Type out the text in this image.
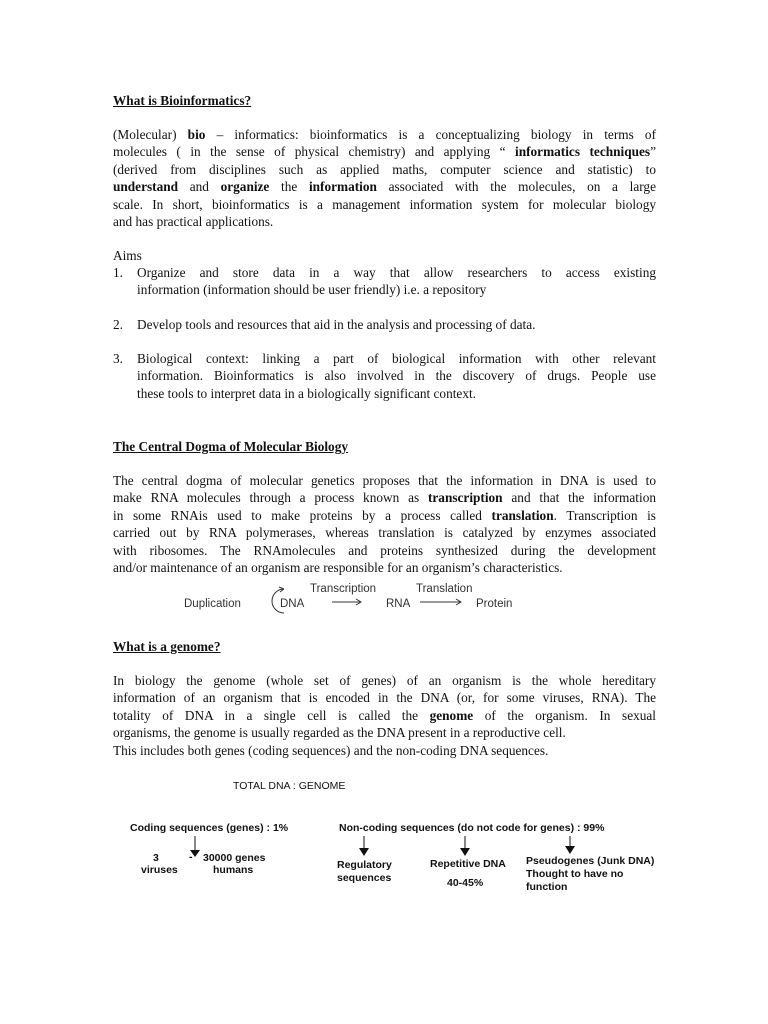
What is Bioinformatics?
(Molecular) bio – informatics: bioinformatics is a conceptualizing biology in terms of
molecules ( in the sense of physical chemistry) and applying “ informatics techniques”
(derived from disciplines such as applied maths, computer science and statistic) to
understand and organize the information associated with the molecules, on a large
scale. In short, bioinformatics is a management information system for molecular biology
and has practical applications.
Aims
1.	Organize and store data in a way that allow researchers to access existing
information (information should be user friendly) i.e. a repository
2.	Develop tools and resources that aid in the analysis and processing of data.
3.	Biological context: linking a part of biological information with other relevant
information. Bioinformatics is also involved in the discovery of drugs. People use
these tools to interpret data in a biologically significant context.
The Central Dogma of Molecular Biology
The central dogma of molecular genetics proposes that the information in DNA is used to
make RNA molecules through a process known as transcription and that the information
in some RNAis used to make proteins by a process called translation. Transcription is
carried out by RNA polymerases, whereas translation is catalyzed by enzymes associated
with ribosomes. The RNAmolecules and proteins synthesized during the development
and/or maintenance of an organism are responsible for an organism’s characteristics.
What is a genome?
In biology the genome (whole set of genes) of an organism is the whole hereditary
information of an organism that is encoded in the DNA (or, for some viruses, RNA). The
totality of DNA in a single cell is called the genome of the organism. In sexual
organisms, the genome is usually regarded as the DNA present in a reproductive cell.
This includes both genes (coding sequences) and the non-coding DNA sequences.
Duplication	DNA
Transcription
RNA
Translation
Protein
TOTAL DNA : GENOME
Coding sequences (genes) : 1%	Non-coding sequences (do not code for genes) : 99%
3
viruses
- 30000 genes
humans	Regulatory
sequences
Repetitive DNA
40-45%
Pseudogenes (Junk DNA)
Thought to have no
function
